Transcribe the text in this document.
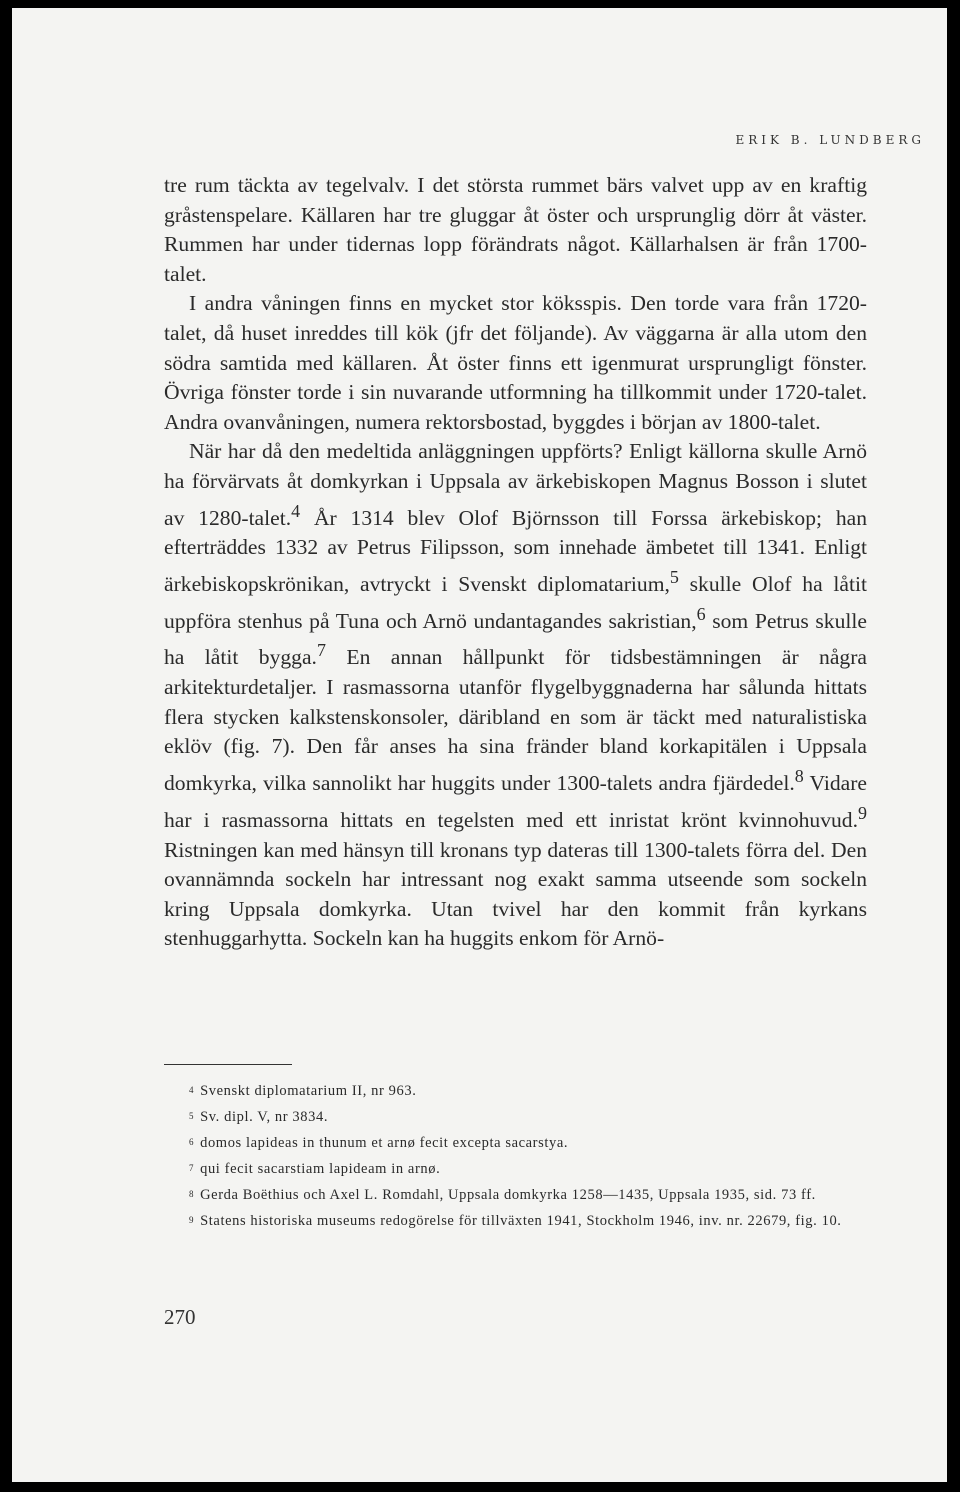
ERIK B. LUNDBERG

tre rum täckta av tegelvalv. I det största rummet bärs valvet upp av en kraftig gråstenspelare. Källaren har tre gluggar åt öster och ursprunglig dörr åt väster. Rummen har under tidernas lopp förändrats något. Källarhalsen är från 1700-talet.

I andra våningen finns en mycket stor köksspis. Den torde vara från 1720-talet, då huset inreddes till kök (jfr det följande). Av väggarna är alla utom den södra samtida med källaren. Åt öster finns ett igenmurat ursprungligt fönster. Övriga fönster torde i sin nuvarande utformning ha tillkommit under 1720-talet. Andra ovanvåningen, numera rektorsbostad, byggdes i början av 1800-talet.

När har då den medeltida anläggningen uppförts? Enligt källorna skulle Arnö ha förvärvats åt domkyrkan i Uppsala av ärkebiskopen Magnus Bosson i slutet av 1280-talet.$^4$ År 1314 blev Olof Björnsson till Forssa ärkebiskop; han efterträddes 1332 av Petrus Filipsson, som innehade ämbetet till 1341. Enligt ärkebiskopskrönikan, avtryckt i Svenskt diplomatarium,$^5$ skulle Olof ha låtit uppföra stenhus på Tuna och Arnö undantagandes sakristian,$^6$ som Petrus skulle ha låtit bygga.$^7$ En annan hållpunkt för tidsbestämningen är några arkitekturdetaljer. I rasmassorna utanför flygelbyggnaderna har sålunda hittats flera stycken kalkstenskonsoler, däribland en som är täckt med naturalistiska eklöv (fig. 7). Den får anses ha sina fränder bland korkapitälen i Uppsala domkyrka, vilka sannolikt har huggits under 1300-talets andra fjärdedel.$^8$ Vidare har i rasmassorna hittats en tegelsten med ett inristat krönt kvinnohuvud.$^9$ Ristningen kan med hänsyn till kronans typ dateras till 1300-talets förra del. Den ovannämnda sockeln har intressant nog exakt samma utseende som sockeln kring Uppsala domkyrka. Utan tvivel har den kommit från kyrkans stenhuggarhytta. Sockeln kan ha huggits enkom för Arnö-

$^4$ Svenskt diplomatarium II, nr 963.

$^5$ Sv. dipl. V, nr 3834.

$^6$ domos lapideas in thunum et arnø fecit excepta sacarstya.

$^7$ qui fecit sacarstiam lapideam in arnø.

$^8$ Gerda Boëthius och Axel L. Romdahl, Uppsala domkyrka 1258—1435, Uppsala 1935, sid. 73 ff.

$^9$ Statens historiska museums redogörelse för tillväxten 1941, Stockholm 1946, inv. nr. 22679, fig. 10.

270
